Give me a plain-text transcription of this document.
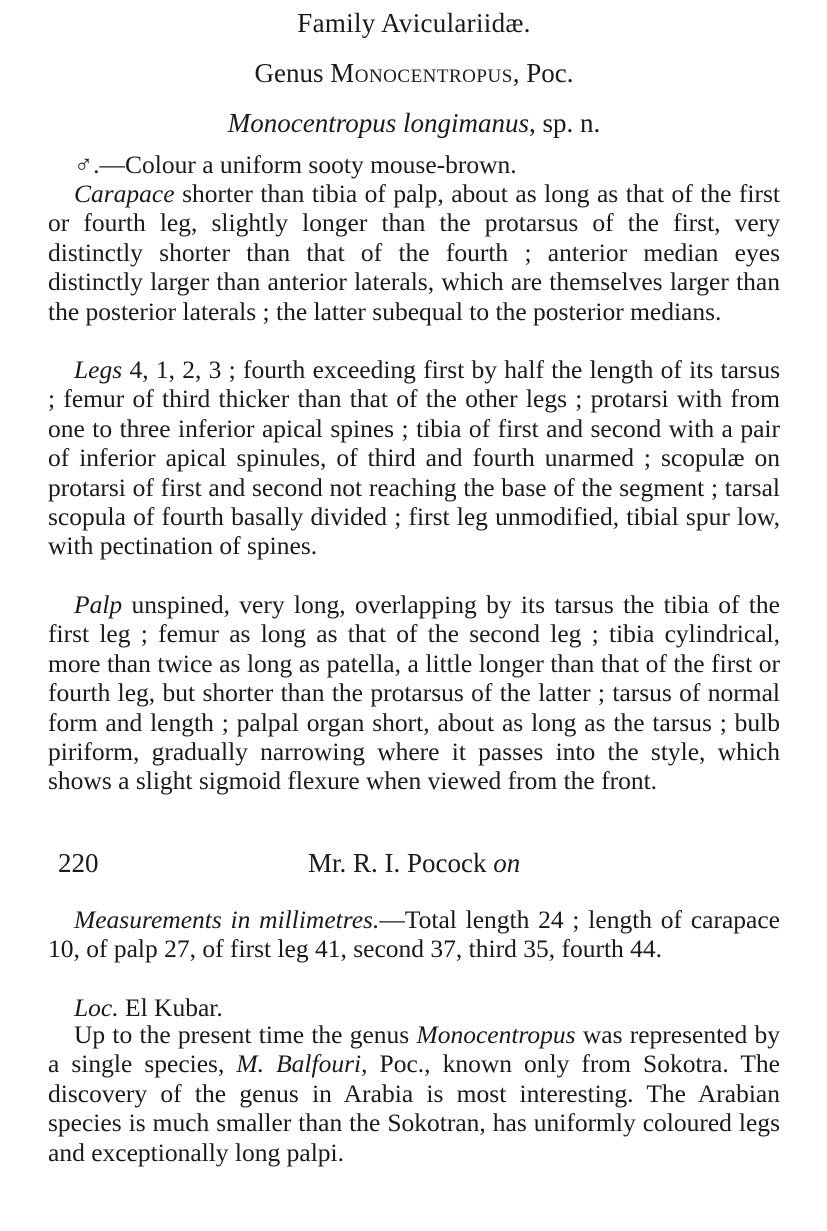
Family Aviculariidæ.
Genus Monocentropus, Poc.
Monocentropus longimanus, sp. n.

♂.—Colour a uniform sooty mouse-brown.

Carapace shorter than tibia of palp, about as long as that of the first or fourth leg, slightly longer than the protarsus of the first, very distinctly shorter than that of the fourth ; anterior median eyes distinctly larger than anterior laterals, which are themselves larger than the posterior laterals ; the latter subequal to the posterior medians.

Legs 4, 1, 2, 3 ; fourth exceeding first by half the length of its tarsus ; femur of third thicker than that of the other legs ; protarsi with from one to three inferior apical spines ; tibia of first and second with a pair of inferior apical spinules, of third and fourth unarmed ; scopulæ on protarsi of first and second not reaching the base of the segment ; tarsal scopula of fourth basally divided ; first leg unmodified, tibial spur low, with pectination of spines.

Palp unspined, very long, overlapping by its tarsus the tibia of the first leg ; femur as long as that of the second leg ; tibia cylindrical, more than twice as long as patella, a little longer than that of the first or fourth leg, but shorter than the protarsus of the latter ; tarsus of normal form and length ; palpal organ short, about as long as the tarsus ; bulb piriform, gradually narrowing where it passes into the style, which shows a slight sigmoid flexure when viewed from the front.

220	Mr. R. I. Pocock on

Measurements in millimetres.—Total length 24 ; length of carapace 10, of palp 27, of first leg 41, second 37, third 35, fourth 44.

Loc. El Kubar.

Up to the present time the genus Monocentropus was represented by a single species, M. Balfouri, Poc., known only from Sokotra. The discovery of the genus in Arabia is most interesting. The Arabian species is much smaller than the Sokotran, has uniformly coloured legs and exceptionally long palpi.
